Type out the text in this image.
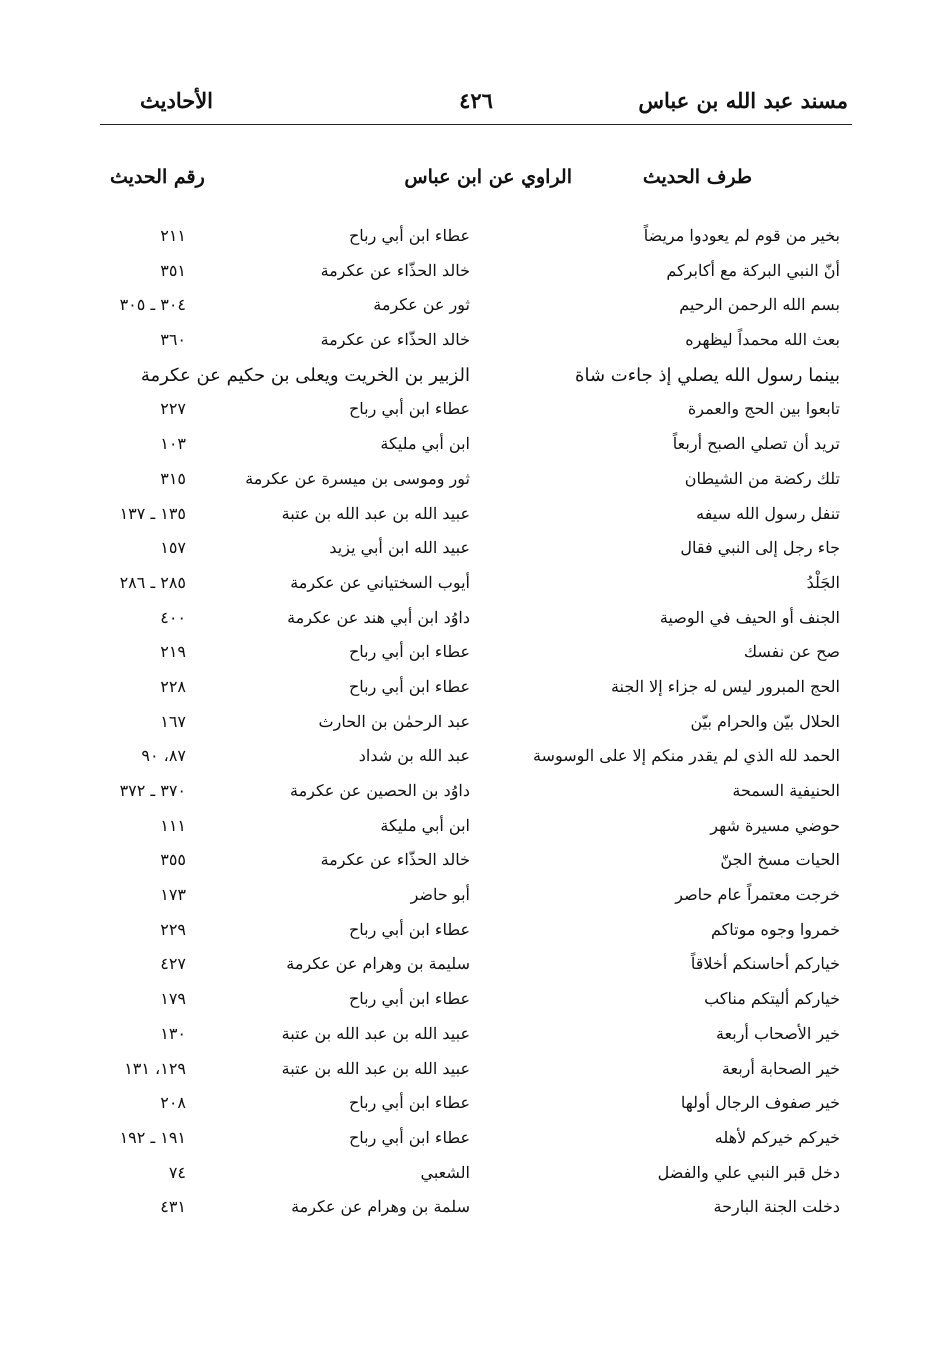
مسند عبد الله بن عباس
٤٢٦
الأحاديث
طرف الحديث
الراوي عن ابن عباس
رقم الحديث
بخير من قوم لم يعودوا مريضاً
عطاء ابن أبي رباح
٢١١
أنّ النبي البركة مع أكابركم
خالد الحذّاء عن عكرمة
٣٥١
بسم الله الرحمن الرحيم
ثور عن عكرمة
٣٠٤ ـ ٣٠٥
بعث الله محمداً ليظهره
خالد الحذّاء عن عكرمة
٣٦٠
بينما رسول الله يصلي إذ جاءت شاة
الزبير بن الخريت ويعلى بن حكيم عن عكرمة
تابعوا بين الحج والعمرة
عطاء ابن أبي رباح
٢٢٧
تريد أن تصلي الصبح أربعاً
ابن أبي مليكة
١٠٣
تلك ركضة من الشيطان
ثور وموسى بن ميسرة عن عكرمة
٣١٥
تنفل رسول الله سيفه
عبيد الله بن عبد الله بن عتبة
١٣٥ ـ ١٣٧
جاء رجل إلى النبي فقال
عبيد الله ابن أبي يزيد
١٥٧
الجَلْدُ
أيوب السختياني عن عكرمة
٢٨٥ ـ ٢٨٦
الجنف أو الحيف في الوصية
داوُد ابن أبي هند عن عكرمة
٤٠٠
صح عن نفسك
عطاء ابن أبي رباح
٢١٩
الحج المبرور ليس له جزاء إلا الجنة
عطاء ابن أبي رباح
٢٢٨
الحلال بيّن والحرام بيّن
عبد الرحمٰن بن الحارث
١٦٧
الحمد لله الذي لم يقدر منكم إلا على الوسوسة
عبد الله بن شداد
٨٧، ٩٠
الحنيفية السمحة
داوُد بن الحصين عن عكرمة
٣٧٠ ـ ٣٧٢
حوضي مسيرة شهر
ابن أبي مليكة
١١١
الحيات مسخ الجنّ
خالد الحذّاء عن عكرمة
٣٥٥
خرجت معتمراً عام حاصر
أبو حاضر
١٧٣
خمروا وجوه موتاكم
عطاء ابن أبي رباح
٢٢٩
خياركم أحاسنكم أخلاقاً
سليمة بن وهرام عن عكرمة
٤٢٧
خياركم أليتكم مناكب
عطاء ابن أبي رباح
١٧٩
خير الأصحاب أربعة
عبيد الله بن عبد الله بن عتبة
١٣٠
خير الصحابة أربعة
عبيد الله بن عبد الله بن عتبة
١٢٩، ١٣١
خير صفوف الرجال أولها
عطاء ابن أبي رباح
٢٠٨
خيركم خيركم لأهله
عطاء ابن أبي رباح
١٩١ ـ ١٩٢
دخل قبر النبي علي والفضل
الشعبي
٧٤
دخلت الجنة البارحة
سلمة بن وهرام عن عكرمة
٤٣١
